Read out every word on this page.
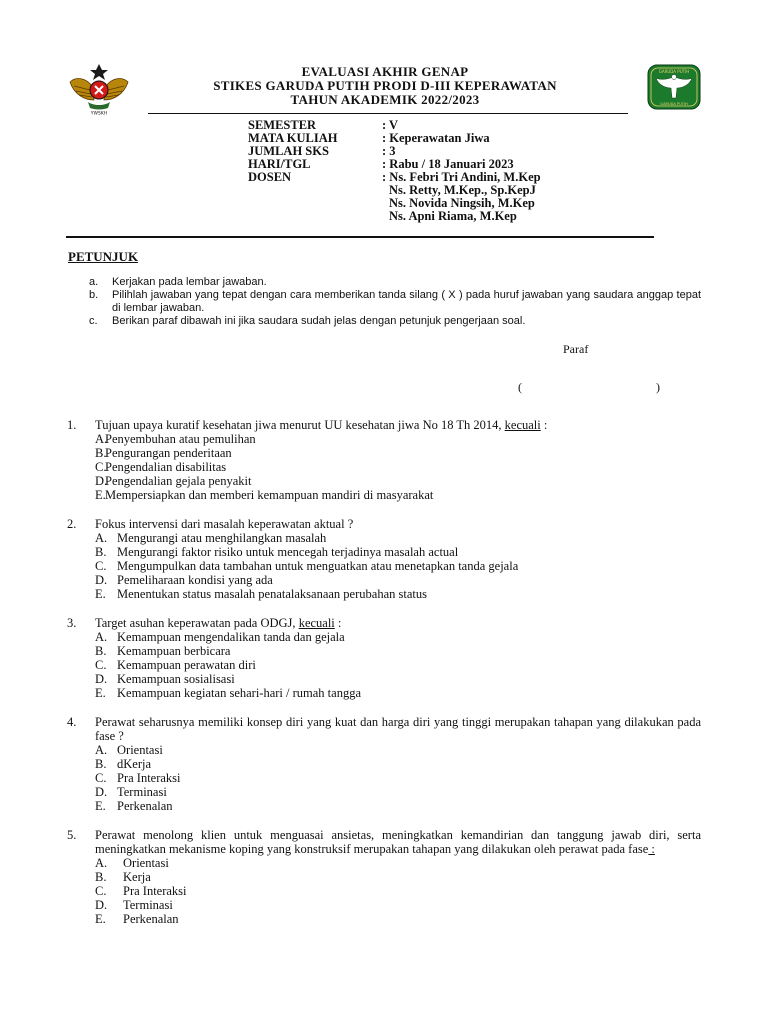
YWSKH
GARUDA PUTIH
GARUDA PUTIH
EVALUASI AKHIR GENAP
STIKES GARUDA PUTIH PRODI D-III KEPERAWATAN
TAHUN AKADEMIK 2022/2023
SEMESTER	: V
MATA KULIAH	: Keperawatan Jiwa
JUMLAH SKS	: 3
HARI/TGL	: Rabu / 18 Januari 2023
DOSEN	: Ns. Febri Tri Andini, M.Kep
Ns. Retty, M.Kep., Sp.KepJ
Ns. Novida Ningsih, M.Kep
Ns. Apni Riama, M.Kep
PETUNJUK
a.	Kerjakan pada lembar jawaban.
b.	Pilihlah jawaban yang tepat dengan cara memberikan tanda silang ( X ) pada huruf jawaban yang saudara anggap tepat di lembar jawaban.
c.	Berikan paraf dibawah ini jika saudara sudah jelas dengan petunjuk pengerjaan soal.
Paraf
(	)
1.	Tujuan upaya kuratif kesehatan jiwa menurut UU kesehatan jiwa No 18 Th 2014, kecuali :
A.
Penyembuhan atau pemulihan
B.
Pengurangan penderitaan
C.
Pengendalian disabilitas
D.
Pengendalian gejala penyakit
E. Mempersiapkan dan memberi kemampuan mandiri di masyarakat
2.	Fokus intervensi dari masalah keperawatan aktual ?
A. Mengurangi atau menghilangkan masalah
B. Mengurangi faktor risiko untuk mencegah terjadinya masalah actual
C. Mengumpulkan data tambahan untuk menguatkan atau menetapkan tanda gejala
D. Pemeliharaan kondisi yang ada
E. Menentukan status masalah penatalaksanaan perubahan status
3.	Target asuhan keperawatan pada ODGJ, kecuali :
A. Kemampuan mengendalikan tanda dan gejala
B. Kemampuan berbicara
C. Kemampuan perawatan diri
D. Kemampuan sosialisasi
E. Kemampuan kegiatan sehari-hari / rumah tangga
4.	Perawat seharusnya memiliki konsep diri yang kuat dan harga diri yang tinggi merupakan tahapan yang dilakukan pada fase ?
A. Orientasi
B. dKerja
C. Pra Interaksi
D. Terminasi
E. Perkenalan
5.	Perawat menolong klien untuk menguasai ansietas, meningkatkan kemandirian dan tanggung jawab diri, serta meningkatkan mekanisme koping yang konstruksif merupakan tahapan yang dilakukan oleh perawat pada fase :
A.	Orientasi
B.	Kerja
C.	Pra Interaksi
D.	Terminasi
E.	Perkenalan
